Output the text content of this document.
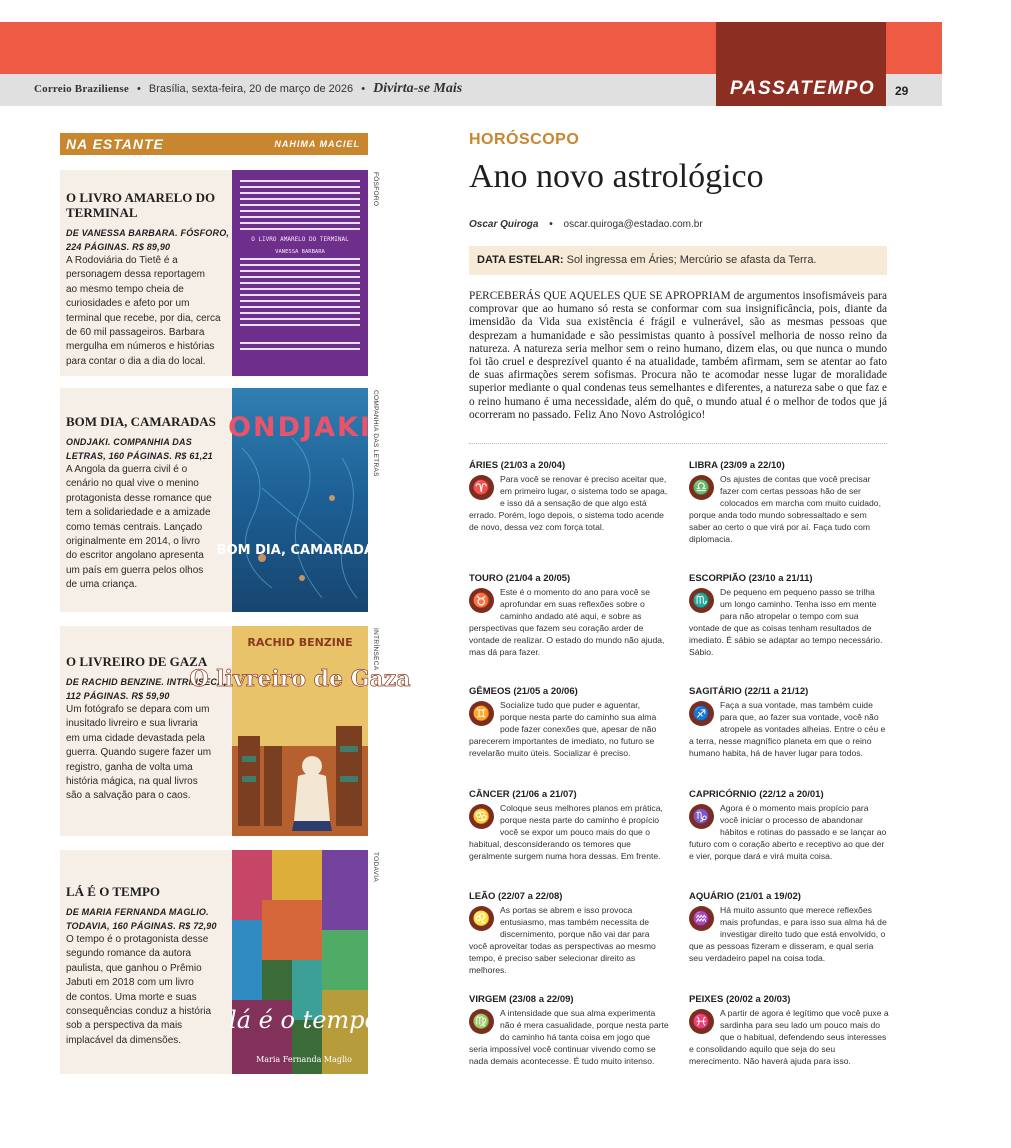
Correio Braziliense • Brasília, sexta-feira, 20 de março de 2026 • Divirta-se Mais	PASSATEMPO	29
NA ESTANTE	NAHIMA MACIEL
O LIVRO AMARELO DO TERMINAL
DE VANESSA BARBARA. FÓSFORO, 224 PÁGINAS. R$ 89,90
A Rodoviária do Tietê é a
personagem dessa reportagem
ao mesmo tempo cheia de
curiosidades e afeto por um
terminal que recebe, por dia, cerca
de 60 mil passageiros. Barbara
mergulha em números e histórias
para contar o dia a dia do local.
O LIVRO AMARELO DO TERMINAL
VANESSA BARBARA
FÓSFORO
BOM DIA, CAMARADAS
ONDJAKI. COMPANHIA DAS LETRAS, 160 PÁGINAS. R$ 61,21
A Angola da guerra civil é o
cenário no qual vive o menino
protagonista desse romance que
tem a solidariedade e a amizade
como temas centrais. Lançado
originalmente em 2014, o livro
do escritor angolano apresenta
um país em guerra pelos olhos
de uma criança.
ONDJAKI
BOM DIA, CAMARADAS
COMPANHIA DAS LETRAS
O LIVREIRO DE GAZA
DE RACHID BENZINE. INTRÍNSECA, 112 PÁGINAS. R$ 59,90
Um fotógrafo se depara com um
inusitado livreiro e sua livraria
em uma cidade devastada pela
guerra. Quando sugere fazer um
registro, ganha de volta uma
história mágica, na qual livros
são a salvação para o caos.
RACHID BENZINE
O livreiro de Gaza
INTRÍNSECA
LÁ É O TEMPO
DE MARIA FERNANDA MAGLIO. TODAVIA, 160 PÁGINAS. R$ 72,90
O tempo é o protagonista desse
segundo romance da autora
paulista, que ganhou o Prêmio
Jabuti em 2018 com um livro
de contos. Uma morte e suas
consequências conduz a história
sob a perspectiva da mais
implacável da dimensões.
lá é o tempo
Maria Fernanda Maglio
TODAVIA
HORÓSCOPO
Ano novo astrológico
Oscar Quiroga • oscar.quiroga@estadao.com.br
DATA ESTELAR: Sol ingressa em Áries; Mercúrio se afasta da Terra.
PERCEBERÁS QUE AQUELES QUE SE APROPRIAM de argumentos insofismáveis para comprovar que ao humano só resta se conformar com sua insignificância, pois, diante da imensidão da Vida sua existência é frágil e vulnerável, são as mesmas pessoas que desprezam a humanidade e são pessimistas quanto à possível melhoria de nosso reino da natureza. A natureza seria melhor sem o reino humano, dizem elas, ou que nunca o mundo foi tão cruel e desprezível quanto é na atualidade, também afirmam, sem se atentar ao fato de suas afirmações serem sofismas. Procura não te acomodar nesse lugar de moralidade superior mediante o qual condenas teus semelhantes e diferentes, a natureza sabe o que faz e o reino humano é uma necessidade, além do quê, o mundo atual é o melhor de todos que já ocorreram no passado. Feliz Ano Novo Astrológico!
ÁRIES (21/03 a 20/04)
♈	Para você se renovar é preciso aceitar que, em primeiro lugar, o sistema todo se apaga, e isso dá a sensação de que algo está errado. Porém, logo depois, o sistema todo acende de novo, dessa vez com força total.
TOURO (21/04 a 20/05)
♉	Este é o momento do ano para você se aprofundar em suas reflexões sobre o caminho andado até aqui, e sobre as perspectivas que fazem seu coração arder de vontade de realizar. O estado do mundo não ajuda, mas dá para fazer.
GÊMEOS (21/05 a 20/06)
♊	Socialize tudo que puder e aguentar, porque nesta parte do caminho sua alma pode fazer conexões que, apesar de não parecerem importantes de imediato, no futuro se revelarão muito úteis. Socializar é preciso.
CÂNCER (21/06 a 21/07)
♋	Coloque seus melhores planos em prática, porque nesta parte do caminho é propício você se expor um pouco mais do que o habitual, desconsiderando os temores que geralmente surgem numa hora dessas. Em frente.
LEÃO (22/07 a 22/08)
♌	As portas se abrem e isso provoca entusiasmo, mas também necessita de discernimento, porque não vai dar para você aproveitar todas as perspectivas ao mesmo tempo, é preciso saber selecionar direito as melhores.
VIRGEM (23/08 a 22/09)
♍	A intensidade que sua alma experimenta não é mera casualidade, porque nesta parte do caminho há tanta coisa em jogo que seria impossível você continuar vivendo como se nada demais acontecesse. É tudo muito intenso.
LIBRA (23/09 a 22/10)
♎	Os ajustes de contas que você precisar fazer com certas pessoas hão de ser colocados em marcha com muito cuidado, porque anda todo mundo sobressaltado e sem saber ao certo o que virá por aí. Faça tudo com diplomacia.
ESCORPIÃO (23/10 a 21/11)
♏	De pequeno em pequeno passo se trilha um longo caminho. Tenha isso em mente para não atropelar o tempo com sua vontade de que as coisas tenham resultados de imediato. É sábio se adaptar ao tempo necessário. Sábio.
SAGITÁRIO (22/11 a 21/12)
♐	Faça a sua vontade, mas também cuide para que, ao fazer sua vontade, você não atropele as vontades alheias. Entre o céu e a terra, nesse magnífico planeta em que o reino humano habita, há de haver lugar para todos.
CAPRICÓRNIO (22/12 a 20/01)
♑	Agora é o momento mais propício para você iniciar o processo de abandonar hábitos e rotinas do passado e se lançar ao futuro com o coração aberto e receptivo ao que der e vier, porque dará e virá muita coisa.
AQUÁRIO (21/01 a 19/02)
♒	Há muito assunto que merece reflexões mais profundas, e para isso sua alma há de investigar direito tudo que está envolvido, o que as pessoas fizeram e disseram, e qual seria seu verdadeiro papel na coisa toda.
PEIXES (20/02 a 20/03)
♓	A partir de agora é legítimo que você puxe a sardinha para seu lado um pouco mais do que o habitual, defendendo seus interesses e consolidando aquilo que seja do seu merecimento. Não haverá ajuda para isso.
